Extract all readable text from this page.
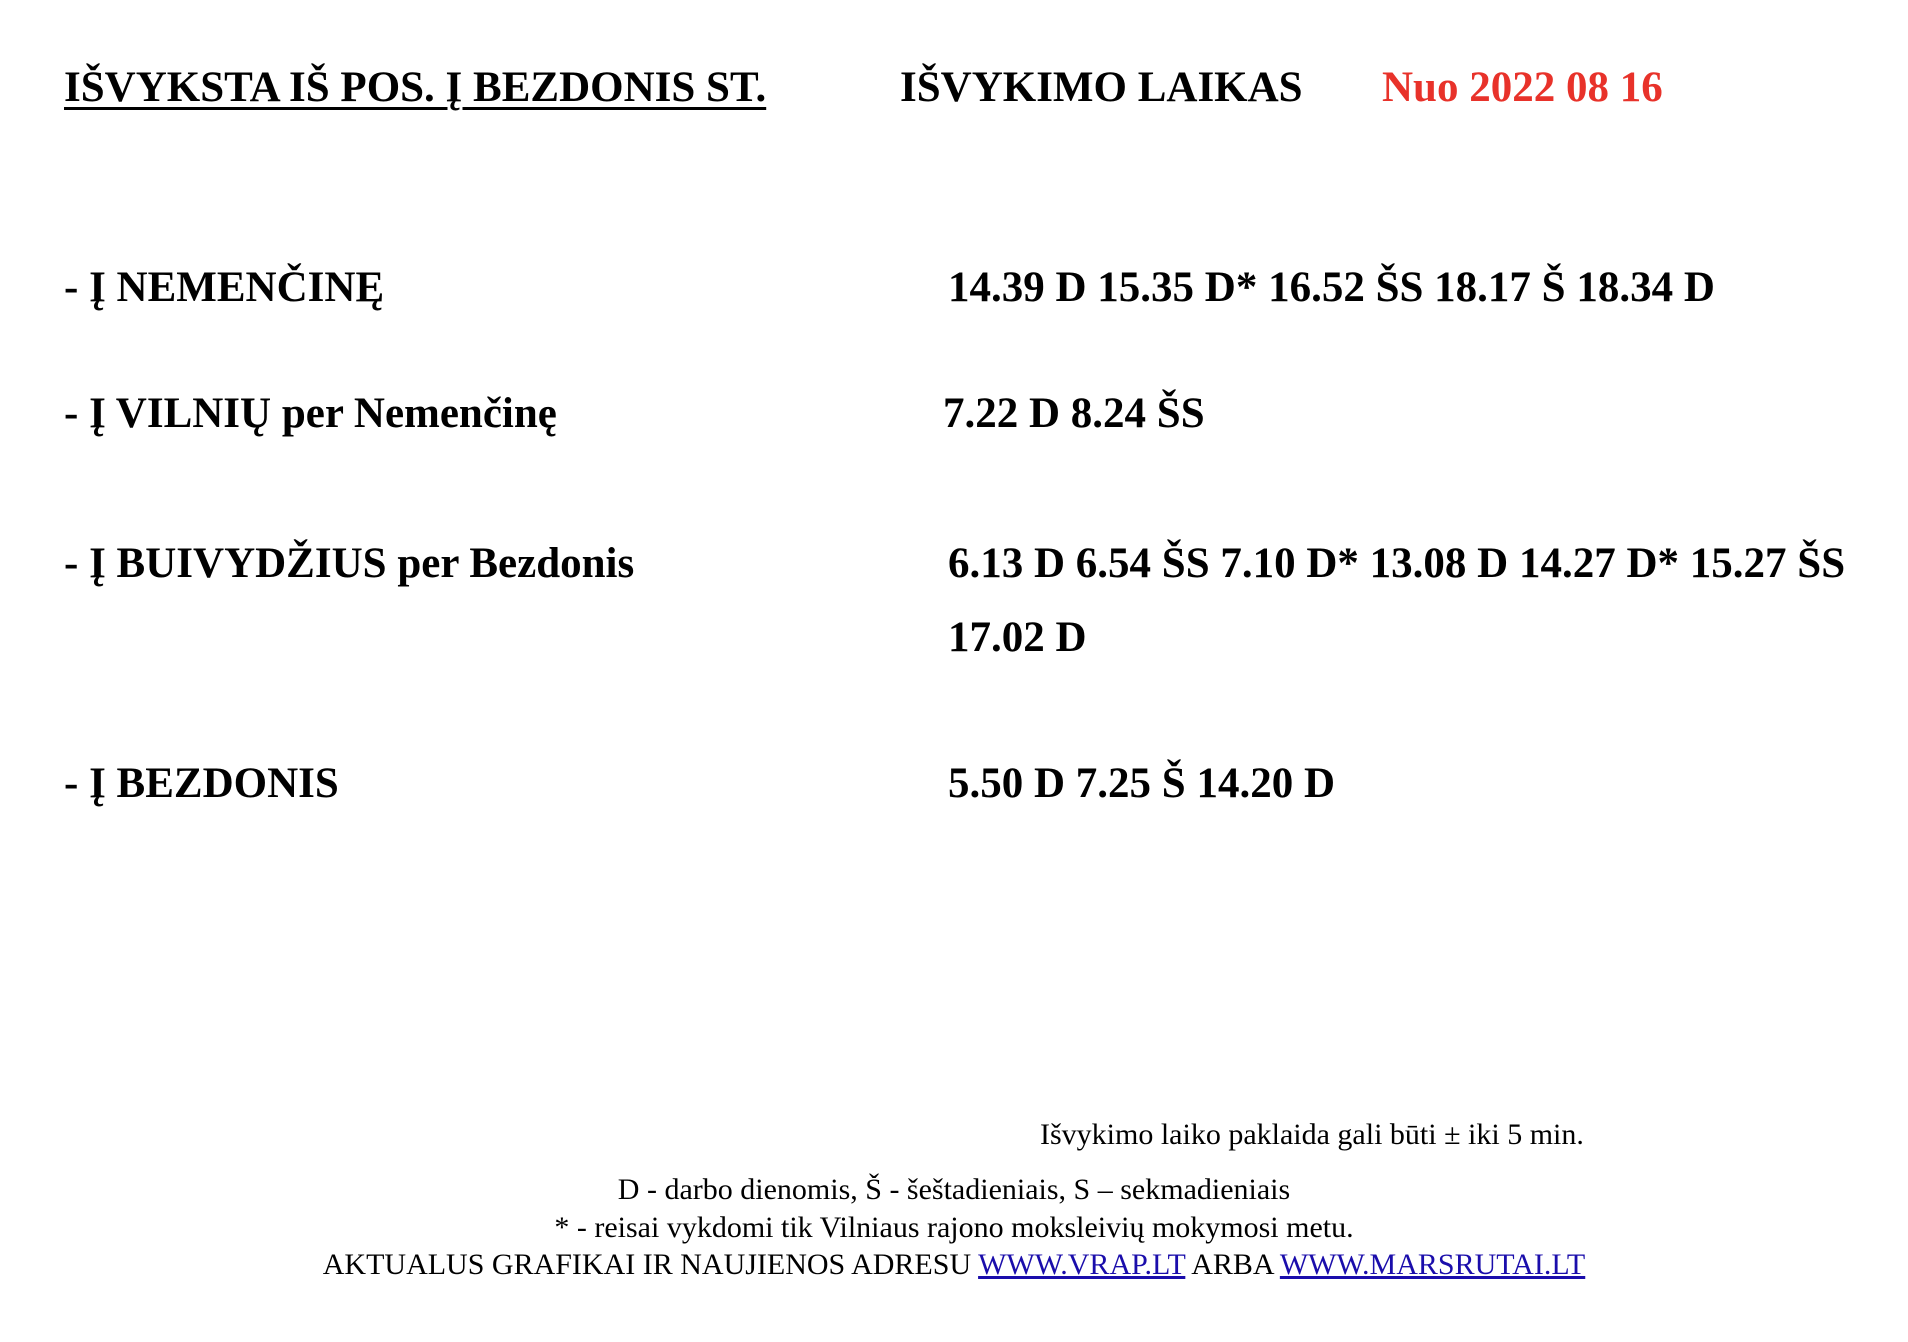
IŠVYKSTA IŠ POS. Į BEZDONIS ST.	IŠVYKIMO LAIKAS Nuo 2022 08 16
- Į NEMENČINĘ	14.39 D 15.35 D* 16.52 ŠS 18.17 Š 18.34 D
- Į VILNIŲ per Nemenčinę	7.22 D 8.24 ŠS
- Į BUIVYDŽIUS per Bezdonis	6.13 D 6.54 ŠS 7.10 D* 13.08 D 14.27 D* 15.27 ŠS
17.02 D
- Į BEZDONIS	5.50 D 7.25 Š 14.20 D
Išvykimo laiko paklaida gali būti ± iki 5 min.
D - darbo dienomis, Š - šeštadieniais, S – sekmadieniais
* - reisai vykdomi tik Vilniaus rajono moksleivių mokymosi metu.
AKTUALUS GRAFIKAI IR NAUJIENOS ADRESU WWW.VRAP.LT ARBA WWW.MARSRUTAI.LT
